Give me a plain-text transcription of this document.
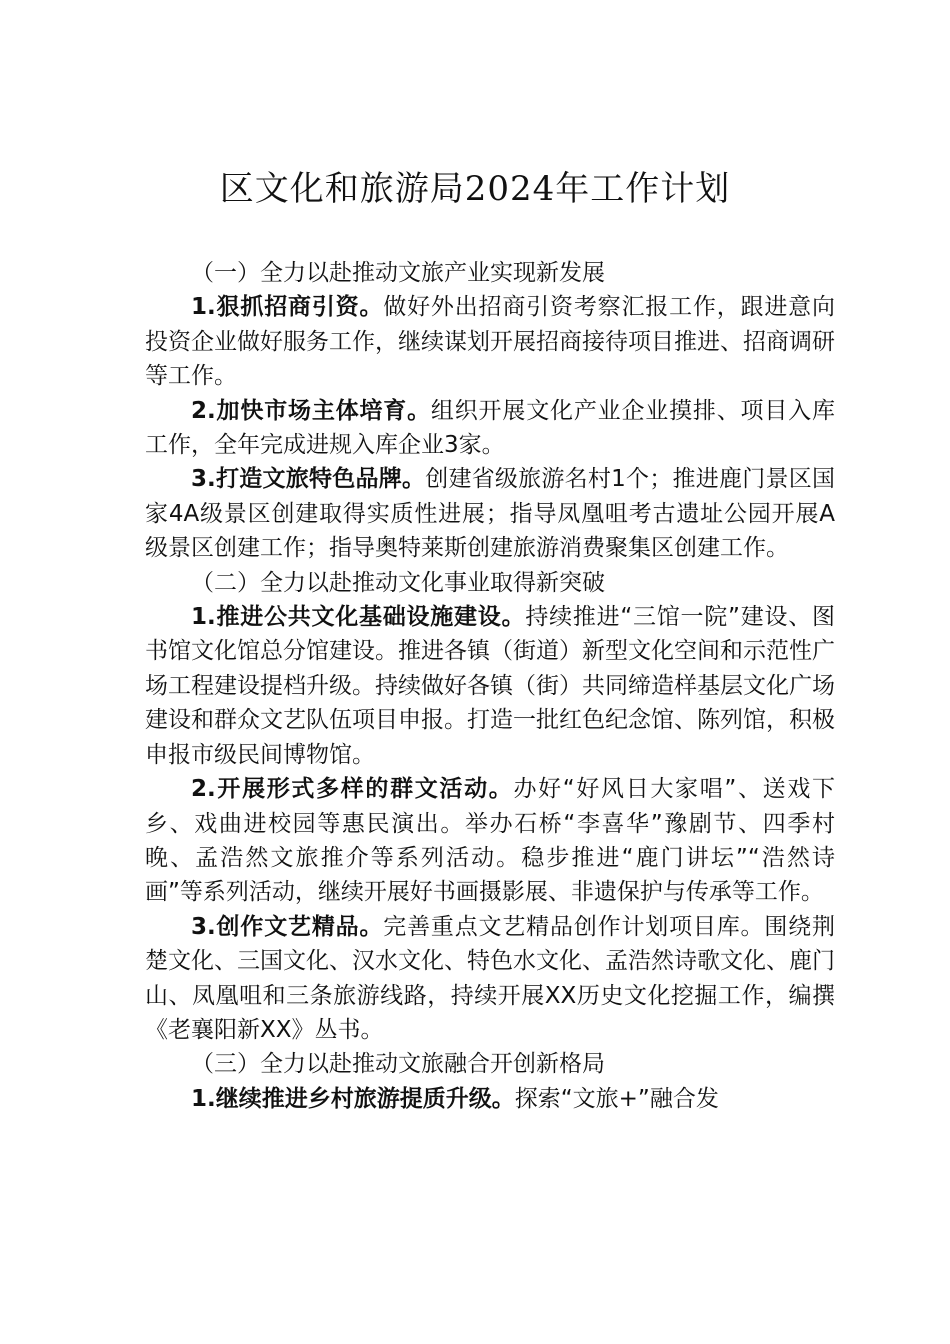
区文化和旅游局2024年工作计划

（一）全力以赴推动文旅产业实现新发展

1.狠抓招商引资。做好外出招商引资考察汇报工作，跟进意向投资企业做好服务工作，继续谋划开展招商接待项目推进、招商调研等工作。

2.加快市场主体培育。组织开展文化产业企业摸排、项目入库工作，全年完成进规入库企业3家。

3.打造文旅特色品牌。创建省级旅游名村1个；推进鹿门景区国家4A级景区创建取得实质性进展；指导凤凰咀考古遗址公园开展A级景区创建工作；指导奥特莱斯创建旅游消费聚集区创建工作。

（二）全力以赴推动文化事业取得新突破

1.推进公共文化基础设施建设。持续推进“三馆一院”建设、图书馆文化馆总分馆建设。推进各镇（街道）新型文化空间和示范性广场工程建设提档升级。持续做好各镇（街）共同缔造样基层文化广场建设和群众文艺队伍项目申报。打造一批红色纪念馆、陈列馆，积极申报市级民间博物馆。

2.开展形式多样的群文活动。办好“好风日大家唱”、送戏下乡、戏曲进校园等惠民演出。举办石桥“李喜华”豫剧节、四季村晚、孟浩然文旅推介等系列活动。稳步推进“鹿门讲坛”“浩然诗画”等系列活动，继续开展好书画摄影展、非遗保护与传承等工作。

3.创作文艺精品。完善重点文艺精品创作计划项目库。围绕荆楚文化、三国文化、汉水文化、特色水文化、孟浩然诗歌文化、鹿门山、凤凰咀和三条旅游线路，持续开展XX历史文化挖掘工作，编撰《老襄阳新XX》丛书。

（三）全力以赴推动文旅融合开创新格局

1.继续推进乡村旅游提质升级。探索“文旅+”融合发
